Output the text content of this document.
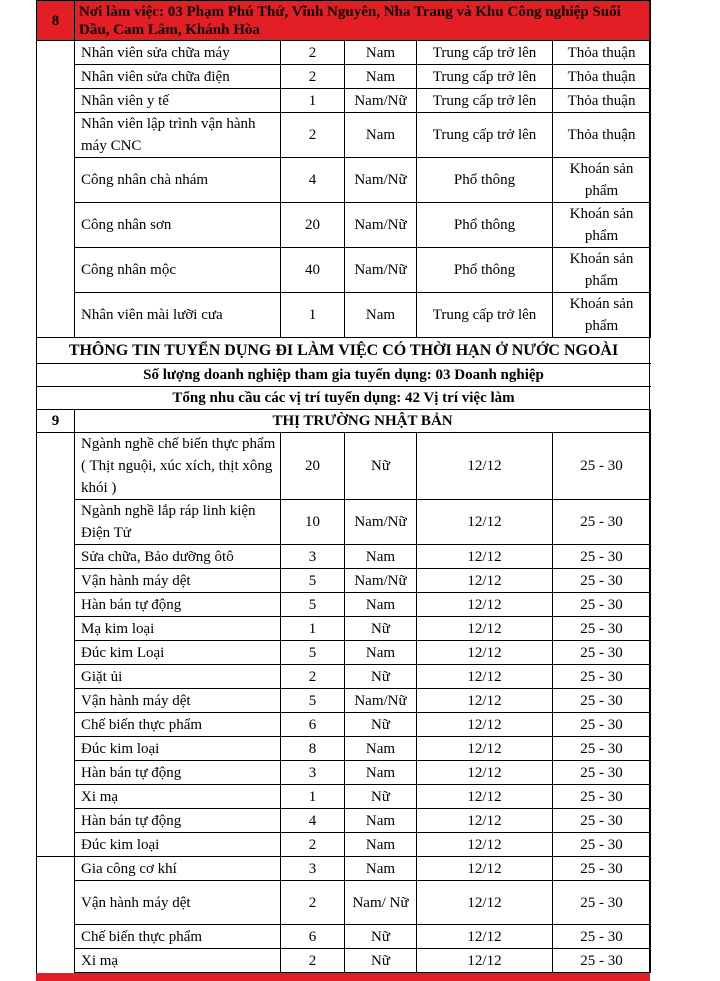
8	Nơi làm việc: 03 Phạm Phú Thứ, Vĩnh Nguyên, Nha Trang và Khu Công nghiệp Suối Dầu, Cam Lâm, Khánh Hòa				
	Nhân viên sửa chữa máy	2	Nam	Trung cấp trở lên	Thỏa thuận
	Nhân viên sửa chữa điện	2	Nam	Trung cấp trở lên	Thỏa thuận
	Nhân viên y tế	1	Nam/Nữ	Trung cấp trở lên	Thỏa thuận
	Nhân viên lập trình vận hành máy CNC	2	Nam	Trung cấp trở lên	Thỏa thuận
	Công nhân chà nhám	4	Nam/Nữ	Phổ thông	Khoán sản phẩm
	Công nhân sơn	20	Nam/Nữ	Phổ thông	Khoán sản phẩm
	Công nhân mộc	40	Nam/Nữ	Phổ thông	Khoán sản phẩm
	Nhân viên mài lưỡi cưa	1	Nam	Trung cấp trở lên	Khoán sản phẩm
THÔNG TIN TUYỂN DỤNG ĐI LÀM VIỆC CÓ THỜI HẠN Ở NƯỚC NGOÀI					
Số lượng doanh nghiệp tham gia tuyển dụng: 03 Doanh nghiệp					
Tổng nhu cầu các vị trí tuyển dụng: 42 Vị trí việc làm					
9	THỊ TRƯỜNG NHẬT BẢN				
	Ngành nghề chế biến thực phẩm ( Thịt nguội, xúc xích, thịt xông khói )	20	Nữ	12/12	25 - 30
	Ngành nghề lắp ráp linh kiện Điện Tử	10	Nam/Nữ	12/12	25 - 30
	Sửa chữa, Bảo dưỡng ôtô	3	Nam	12/12	25 - 30
	Vận hành máy dệt	5	Nam/Nữ	12/12	25 - 30
	Hàn bán tự động	5	Nam	12/12	25 - 30
	Mạ kim loại	1	Nữ	12/12	25 - 30
	Đúc kim Loại	5	Nam	12/12	25 - 30
	Giặt ủi	2	Nữ	12/12	25 - 30
	Vận hành máy dệt	5	Nam/Nữ	12/12	25 - 30
	Chế biến thực phẩm	6	Nữ	12/12	25 - 30
	Đúc kim loại	8	Nam	12/12	25 - 30
	Hàn bán tự động	3	Nam	12/12	25 - 30
	Xi mạ	1	Nữ	12/12	25 - 30
	Hàn bán tự động	4	Nam	12/12	25 - 30
	Đúc kim loại	2	Nam	12/12	25 - 30
	Gia công cơ khí	3	Nam	12/12	25 - 30
	Vận hành máy dệt	2	Nam/ Nữ	12/12	25 - 30
	Chế biến thực phẩm	6	Nữ	12/12	25 - 30
	Xi mạ	2	Nữ	12/12	25 - 30
